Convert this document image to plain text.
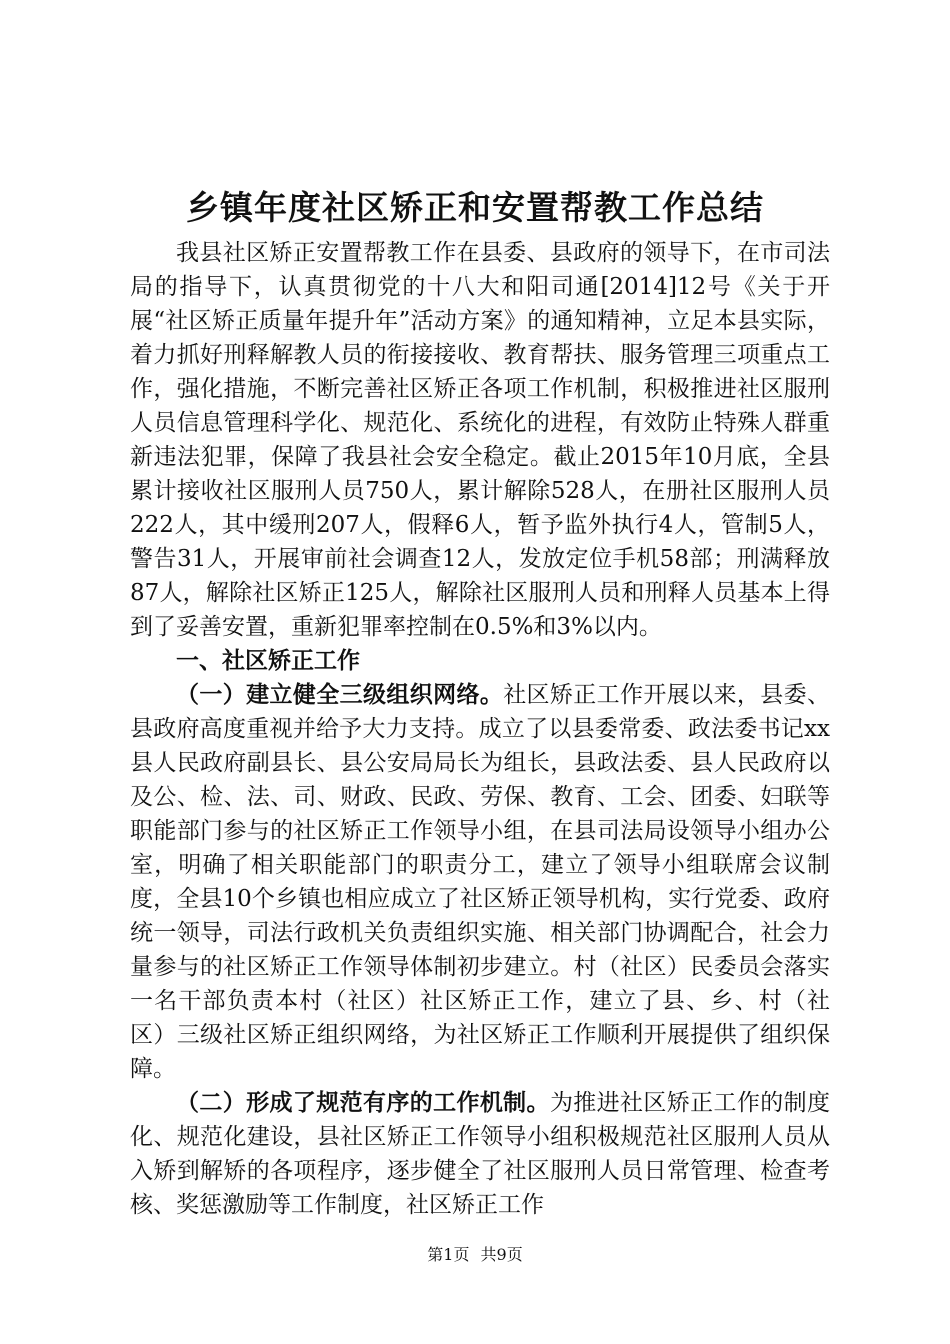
乡镇年度社区矫正和安置帮教工作总结

我县社区矫正安置帮教工作在县委、县政府的领导下，在市司法局的指导下，认真贯彻党的十八大和阳司通[2014]12号《关于开展“社区矫正质量年提升年”活动方案》的通知精神，立足本县实际，着力抓好刑释解教人员的衔接接收、教育帮扶、服务管理三项重点工作，强化措施，不断完善社区矫正各项工作机制，积极推进社区服刑人员信息管理科学化、规范化、系统化的进程，有效防止特殊人群重新违法犯罪，保障了我县社会安全稳定。截止2015年10月底，全县累计接收社区服刑人员750人，累计解除528人，在册社区服刑人员222人，其中缓刑207人，假释6人，暂予监外执行4人，管制5人，警告31人，开展审前社会调查12人，发放定位手机58部；刑满释放87人，解除社区矫正125人，解除社区服刑人员和刑释人员基本上得到了妥善安置，重新犯罪率控制在0.5%和3%以内。

一、社区矫正工作

（一）建立健全三级组织网络。社区矫正工作开展以来，县委、县政府高度重视并给予大力支持。成立了以县委常委、政法委书记xx县人民政府副县长、县公安局局长为组长，县政法委、县人民政府以及公、检、法、司、财政、民政、劳保、教育、工会、团委、妇联等职能部门参与的社区矫正工作领导小组，在县司法局设领导小组办公室，明确了相关职能部门的职责分工，建立了领导小组联席会议制度，全县10个乡镇也相应成立了社区矫正领导机构，实行党委、政府统一领导，司法行政机关负责组织实施、相关部门协调配合，社会力量参与的社区矫正工作领导体制初步建立。村（社区）民委员会落实一名干部负责本村（社区）社区矫正工作，建立了县、乡、村（社区）三级社区矫正组织网络，为社区矫正工作顺利开展提供了组织保障。

（二）形成了规范有序的工作机制。为推进社区矫正工作的制度化、规范化建设，县社区矫正工作领导小组积极规范社区服刑人员从入矫到解矫的各项程序，逐步健全了社区服刑人员日常管理、检查考核、奖惩激励等工作制度，社区矫正工作

第1页 共9页
